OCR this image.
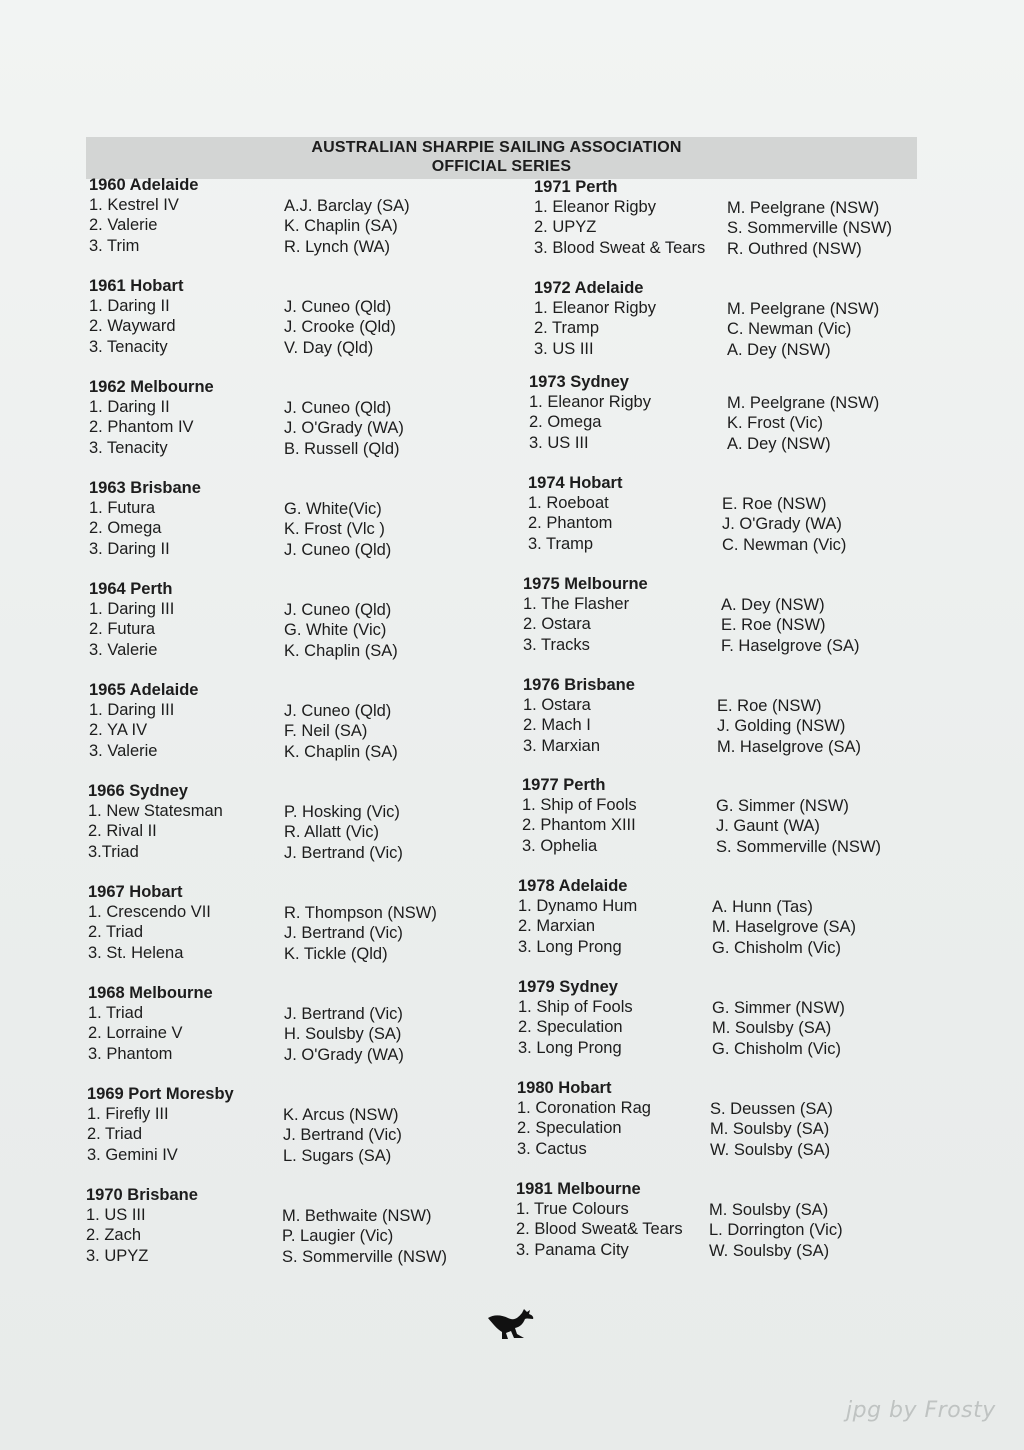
AUSTRALIAN SHARPIE SAILING ASSOCIATION
OFFICIAL SERIES
1960 Adelaide
1. Kestrel IV	A.J. Barclay (SA)
2. Valerie	K. Chaplin (SA)
3. Trim	R. Lynch (WA)
1961 Hobart
1. Daring II	J. Cuneo (Qld)
2. Wayward	J. Crooke (Qld)
3. Tenacity	V. Day (Qld)
1962 Melbourne
1. Daring II	J. Cuneo (Qld)
2. Phantom IV	J. O'Grady (WA)
3. Tenacity	B. Russell (Qld)
1963 Brisbane
1. Futura	G. White(Vic)
2. Omega	K. Frost (Vlc )
3. Daring II	J. Cuneo (Qld)
1964 Perth
1. Daring III	J. Cuneo (Qld)
2. Futura	G. White (Vic)
3. Valerie	K. Chaplin (SA)
1965 Adelaide
1. Daring III	J. Cuneo (Qld)
2. YA IV	F. Neil (SA)
3. Valerie	K. Chaplin (SA)
1966 Sydney
1. New Statesman	P. Hosking (Vic)
2. Rival II	R. Allatt (Vic)
3.Triad	J. Bertrand (Vic)
1967 Hobart
1. Crescendo VII	R. Thompson (NSW)
2. Triad	J. Bertrand (Vic)
3. St. Helena	K. Tickle (Qld)
1968 Melbourne
1. Triad	J. Bertrand (Vic)
2. Lorraine V	H. Soulsby (SA)
3. Phantom	J. O'Grady (WA)
1969 Port Moresby
1. Firefly III	K. Arcus (NSW)
2. Triad	J. Bertrand (Vic)
3. Gemini IV	L. Sugars (SA)
1970 Brisbane
1. US III	M. Bethwaite (NSW)
2. Zach	P. Laugier (Vic)
3. UPYZ	S. Sommerville (NSW)
1971 Perth
1. Eleanor Rigby	M. Peelgrane (NSW)
2. UPYZ	S. Sommerville (NSW)
3. Blood Sweat & Tears R. Outhred (NSW)
1972 Adelaide
1. Eleanor Rigby	M. Peelgrane (NSW)
2. Tramp	C. Newman (Vic)
3. US III	A. Dey (NSW)
1973 Sydney
1. Eleanor Rigby	M. Peelgrane (NSW)
2. Omega	K. Frost (Vic)
3. US III	A. Dey (NSW)
1974 Hobart
1. Roeboat	E. Roe (NSW)
2. Phantom	J. O'Grady (WA)
3. Tramp	C. Newman (Vic)
1975 Melbourne
1. The Flasher	A. Dey (NSW)
2. Ostara	E. Roe (NSW)
3. Tracks	F. Haselgrove (SA)
1976 Brisbane
1. Ostara	E. Roe (NSW)
2. Mach I	J. Golding (NSW)
3. Marxian	M. Haselgrove (SA)
1977 Perth
1. Ship of Fools	G. Simmer (NSW)
2. Phantom XIII	J. Gaunt (WA)
3. Ophelia	S. Sommerville (NSW)
1978 Adelaide
1. Dynamo Hum	A. Hunn (Tas)
2. Marxian	M. Haselgrove (SA)
3. Long Prong	G. Chisholm (Vic)
1979 Sydney
1. Ship of Fools	G. Simmer (NSW)
2. Speculation	M. Soulsby (SA)
3. Long Prong	G. Chisholm (Vic)
1980 Hobart
1. Coronation Rag	S. Deussen (SA)
2. Speculation	M. Soulsby (SA)
3. Cactus	W. Soulsby (SA)
1981 Melbourne
1. True Colours	M. Soulsby (SA)
2. Blood Sweat& Tears L. Dorrington (Vic)
3. Panama City	W. Soulsby (SA)
jpg by Frosty
